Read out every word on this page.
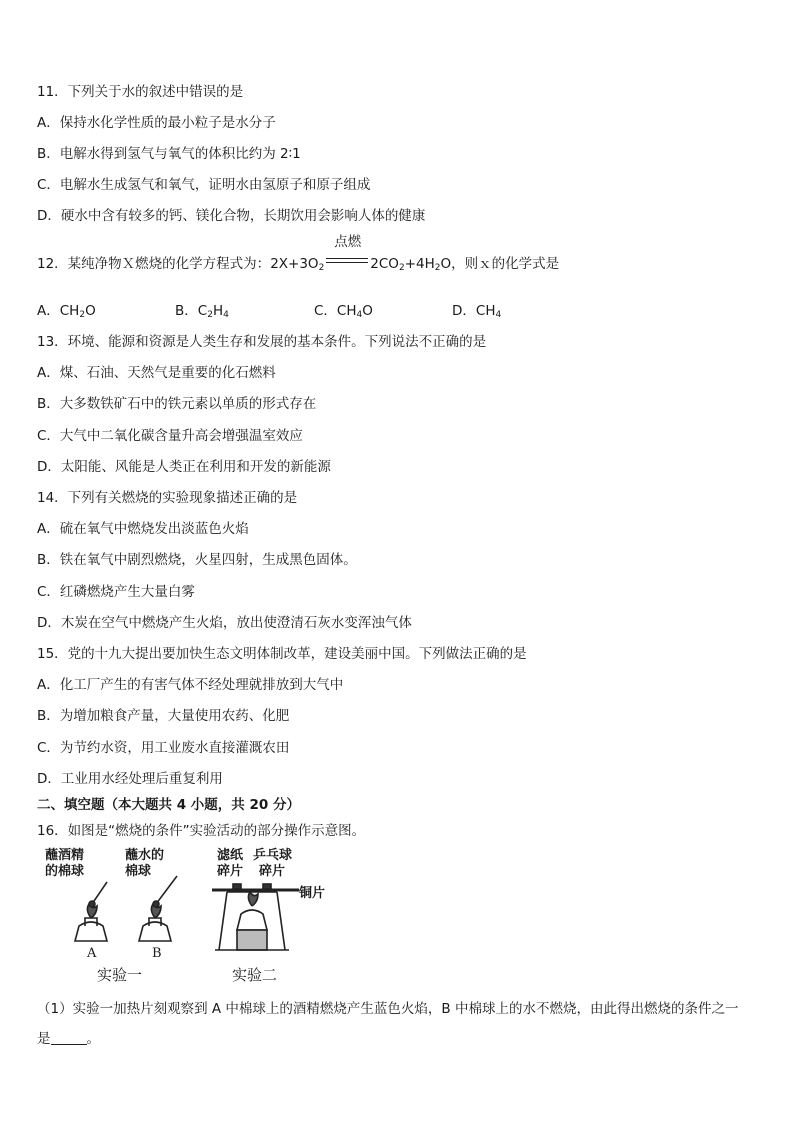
11．下列关于水的叙述中错误的是
A．保持水化学性质的最小粒子是水分子
B．电解水得到氢气与氧气的体积比约为 2∶1
C．电解水生成氢气和氧气，证明水由氢原子和原子组成
D．硬水中含有较多的钙、镁化合物，长期饮用会影响人体的健康
12．某纯净物Ｘ燃烧的化学方程式为：$2X+3O_2$
点燃
$2CO_2+4H_2O$，则ｘ的化学式是
A．$CH_2O$	B．$C_2H_4$	C．$CH_4O$	D．$CH_4$
13．环境、能源和资源是人类生存和发展的基本条件。下列说法不正确的是
A．煤、石油、天然气是重要的化石燃料
B．大多数铁矿石中的铁元素以单质的形式存在
C．大气中二氧化碳含量升高会增强温室效应
D．太阳能、风能是人类正在利用和开发的新能源
14．下列有关燃烧的实验现象描述正确的是
A．硫在氧气中燃烧发出淡蓝色火焰
B．铁在氧气中剧烈燃烧，火星四射，生成黑色固体。
C．红磷燃烧产生大量白雾
D．木炭在空气中燃烧产生火焰，放出使澄清石灰水变浑浊气体
15．党的十九大提出要加快生态文明体制改革，建设美丽中国。下列做法正确的是
A．化工厂产生的有害气体不经处理就排放到大气中
B．为增加粮食产量，大量使用农药、化肥
C．为节约水资，用工业废水直接灌溉农田
D．工业用水经处理后重复利用
二、填空题（本大题共 4 小题，共 20 分）
16．如图是“燃烧的条件”实验活动的部分操作示意图。
蘸酒精
的棉球
蘸水的
棉球
滤纸
碎片
乒乓球
碎片
铜片
A	B
实验一	实验二
（1）实验一加热片刻观察到 A 中棉球上的酒精燃烧产生蓝色火焰，B 中棉球上的水不燃烧，由此得出燃烧的条件之一
是	。
